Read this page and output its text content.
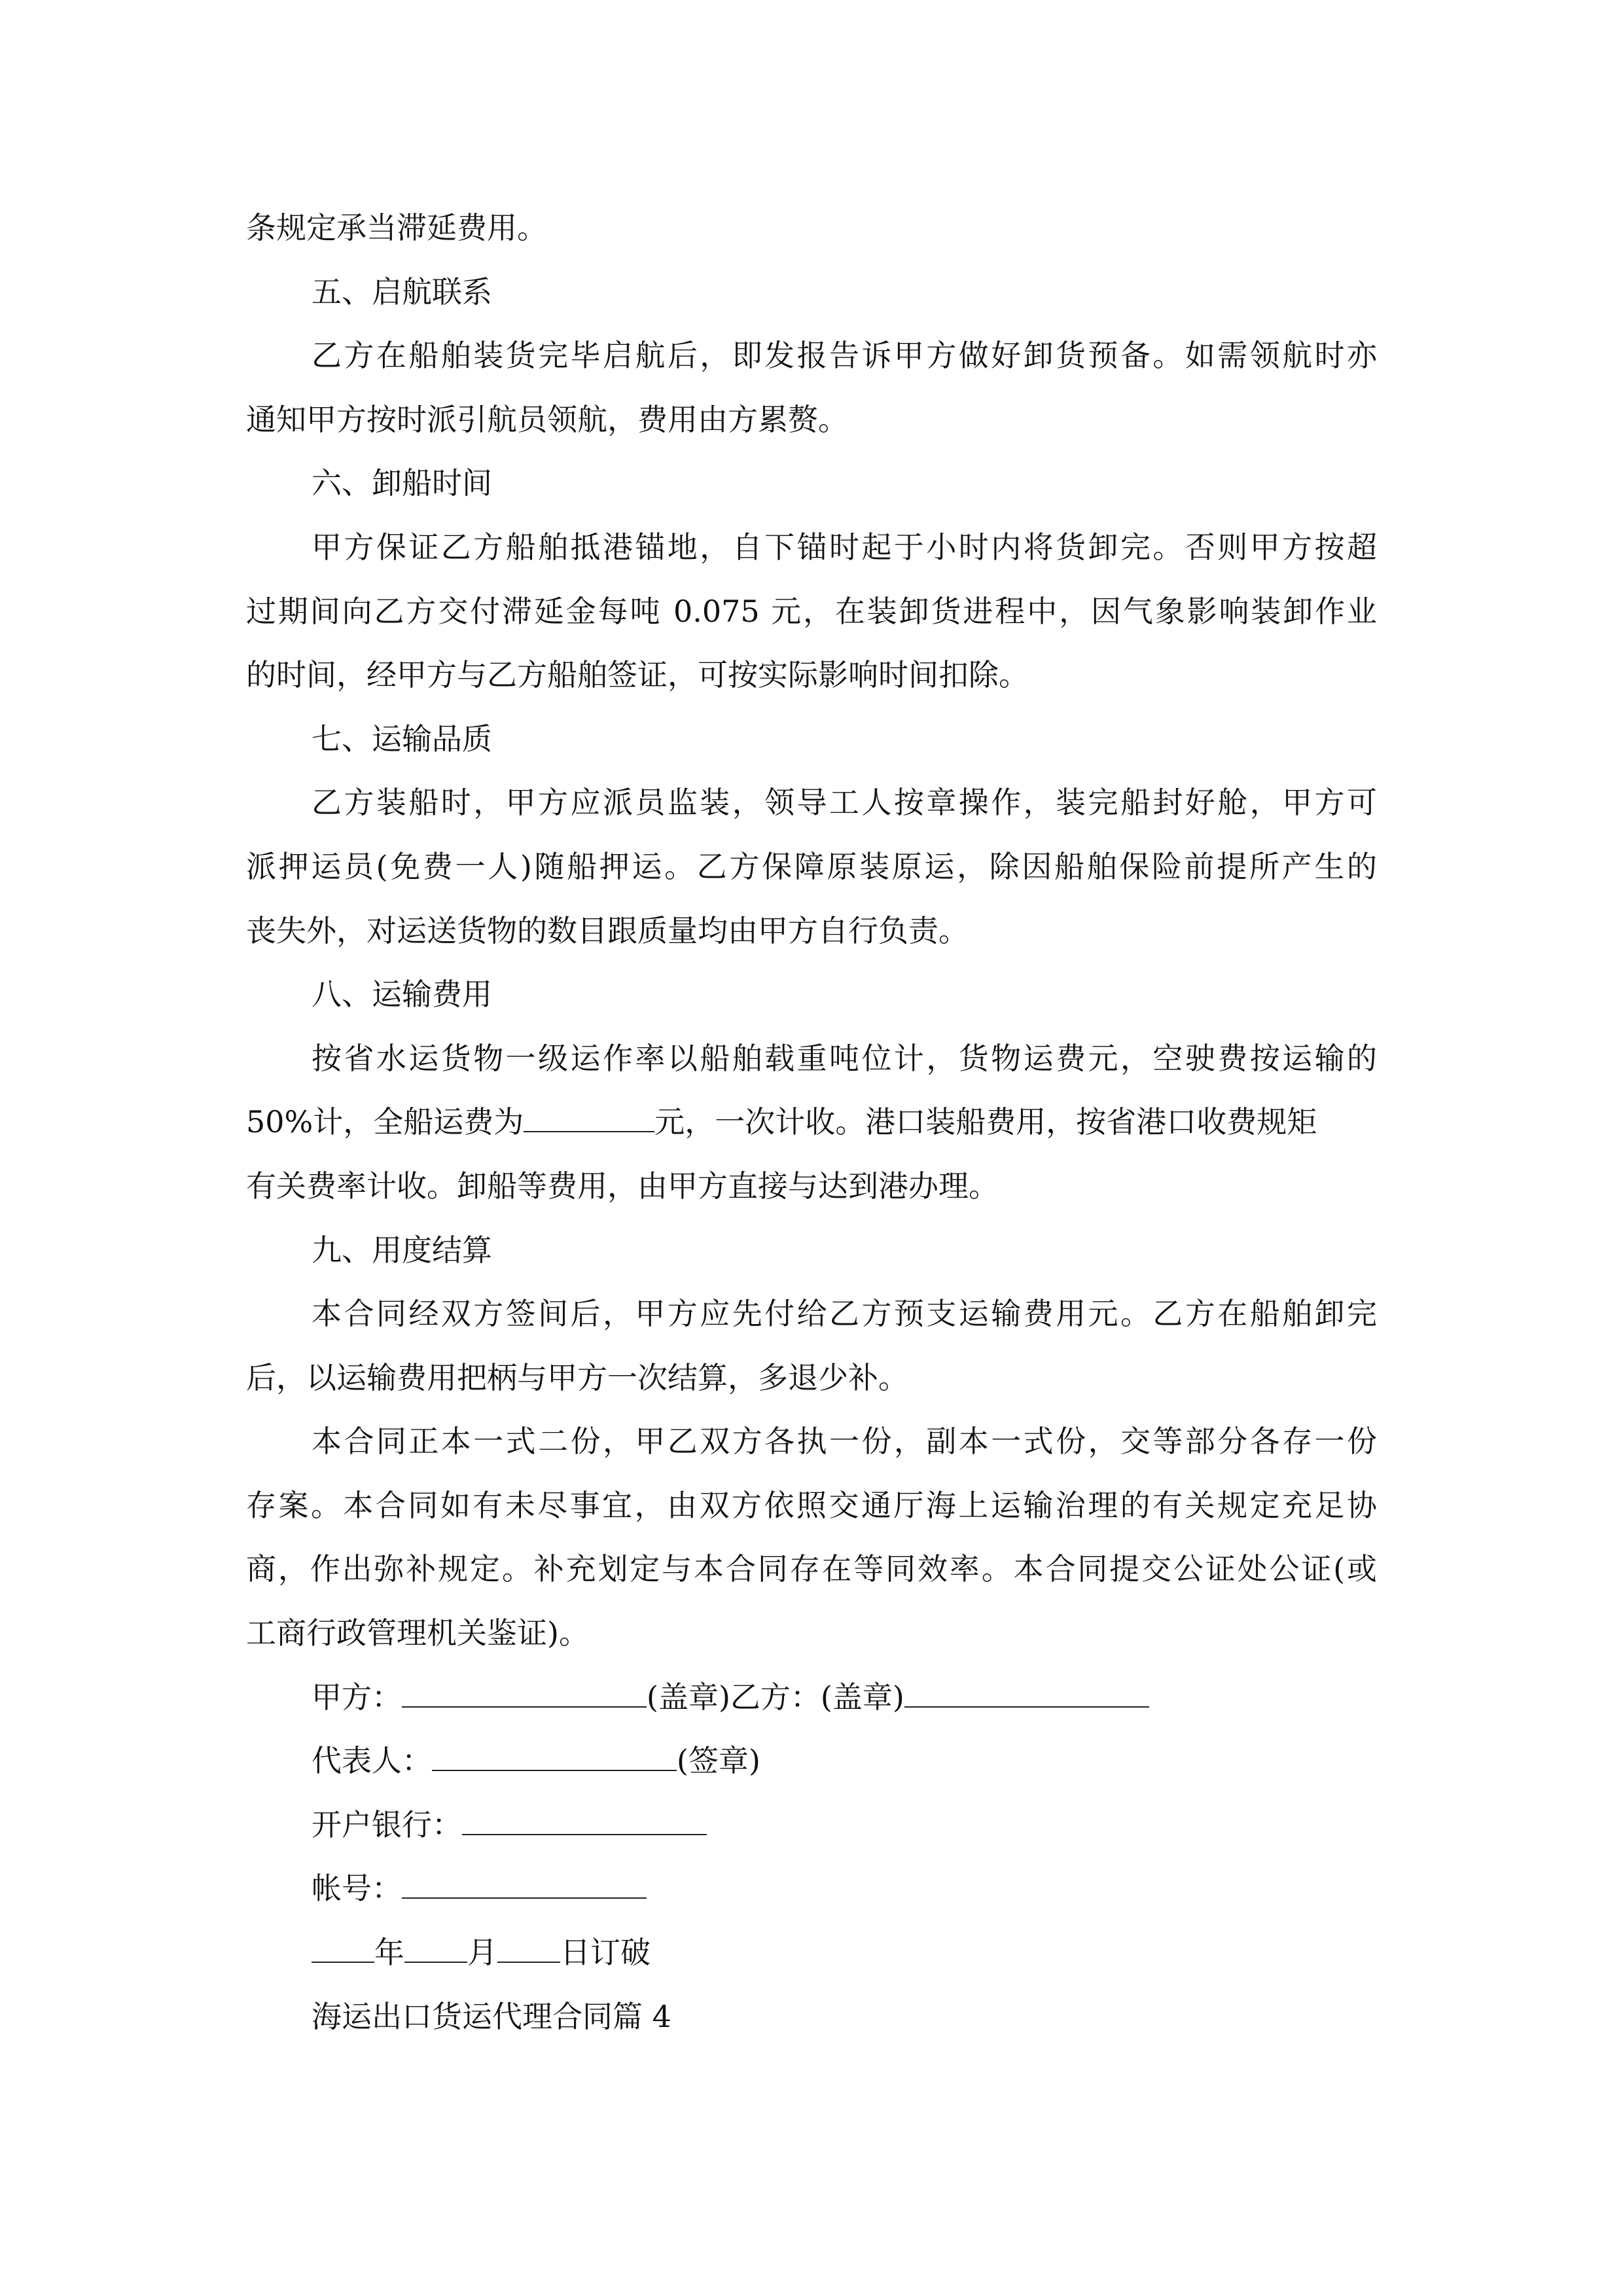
条规定承当滞延费用。
五、启航联系
乙方在船舶装货完毕启航后，即发报告诉甲方做好卸货预备。如需领航时亦
通知甲方按时派引航员领航，费用由方累赘。
六、卸船时间
甲方保证乙方船舶抵港锚地，自下锚时起于小时内将货卸完。否则甲方按超
过期间向乙方交付滞延金每吨 0.075 元，在装卸货进程中，因气象影响装卸作业
的时间，经甲方与乙方船舶签证，可按实际影响时间扣除。
七、运输品质
乙方装船时，甲方应派员监装，领导工人按章操作，装完船封好舱，甲方可
派押运员(免费一人)随船押运。乙方保障原装原运，除因船舶保险前提所产生的
丧失外，对运送货物的数目跟质量均由甲方自行负责。
八、运输费用
按省水运货物一级运作率以船舶载重吨位计，货物运费元，空驶费按运输的
50%计，全船运费为	元，一次计收。港口装船费用，按省港口收费规矩
有关费率计收。卸船等费用，由甲方直接与达到港办理。
九、用度结算
本合同经双方签间后，甲方应先付给乙方预支运输费用元。乙方在船舶卸完
后，以运输费用把柄与甲方一次结算，多退少补。
本合同正本一式二份，甲乙双方各执一份，副本一式份，交等部分各存一份
存案。本合同如有未尽事宜，由双方依照交通厅海上运输治理的有关规定充足协
商，作出弥补规定。补充划定与本合同存在等同效率。本合同提交公证处公证(或
工商行政管理机关鉴证)。
甲方：	(盖章)乙方：(盖章)
代表人：	(签章)
开户银行：
帐号：
年 月 日订破
海运出口货运代理合同篇 4
